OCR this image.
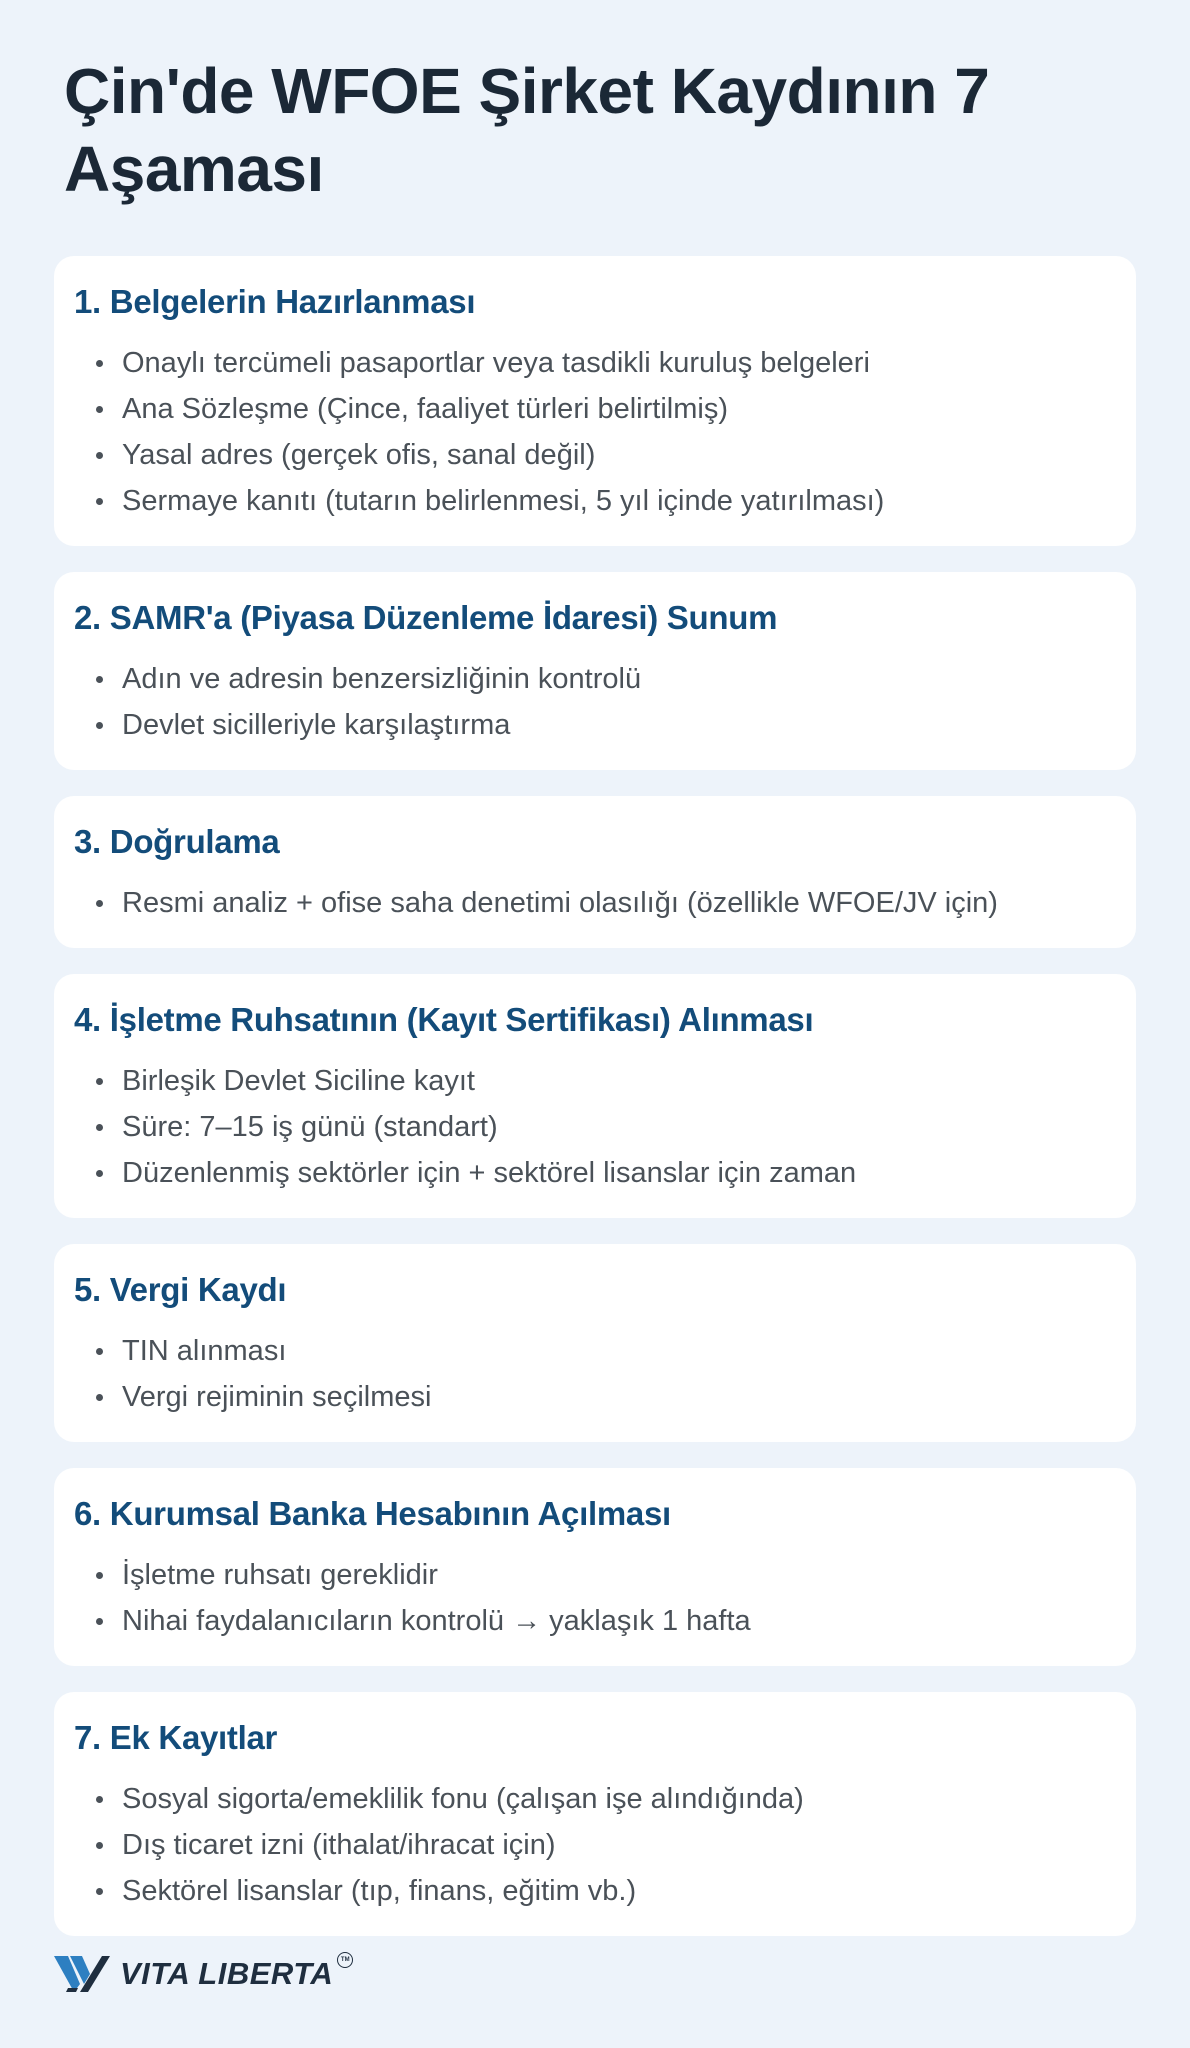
Çin'de WFOE Şirket Kaydının 7 Aşaması
1. Belgelerin Hazırlanması
Onaylı tercümeli pasaportlar veya tasdikli kuruluş belgeleri
Ana Sözleşme (Çince, faaliyet türleri belirtilmiş)
Yasal adres (gerçek ofis, sanal değil)
Sermaye kanıtı (tutarın belirlenmesi, 5 yıl içinde yatırılması)
2. SAMR'a (Piyasa Düzenleme İdaresi) Sunum
Adın ve adresin benzersizliğinin kontrolü
Devlet sicilleriyle karşılaştırma
3. Doğrulama
Resmi analiz + ofise saha denetimi olasılığı (özellikle WFOE/JV için)
4. İşletme Ruhsatının (Kayıt Sertifikası) Alınması
Birleşik Devlet Siciline kayıt
Süre: 7–15 iş günü (standart)
Düzenlenmiş sektörler için + sektörel lisanslar için zaman
5. Vergi Kaydı
TIN alınması
Vergi rejiminin seçilmesi
6. Kurumsal Banka Hesabının Açılması
İşletme ruhsatı gereklidir
Nihai faydalanıcıların kontrolü → yaklaşık 1 hafta
7. Ek Kayıtlar
Sosyal sigorta/emeklilik fonu (çalışan işe alındığında)
Dış ticaret izni (ithalat/ihracat için)
Sektörel lisanslar (tıp, finans, eğitim vb.)
VITA LIBERTA	TM
